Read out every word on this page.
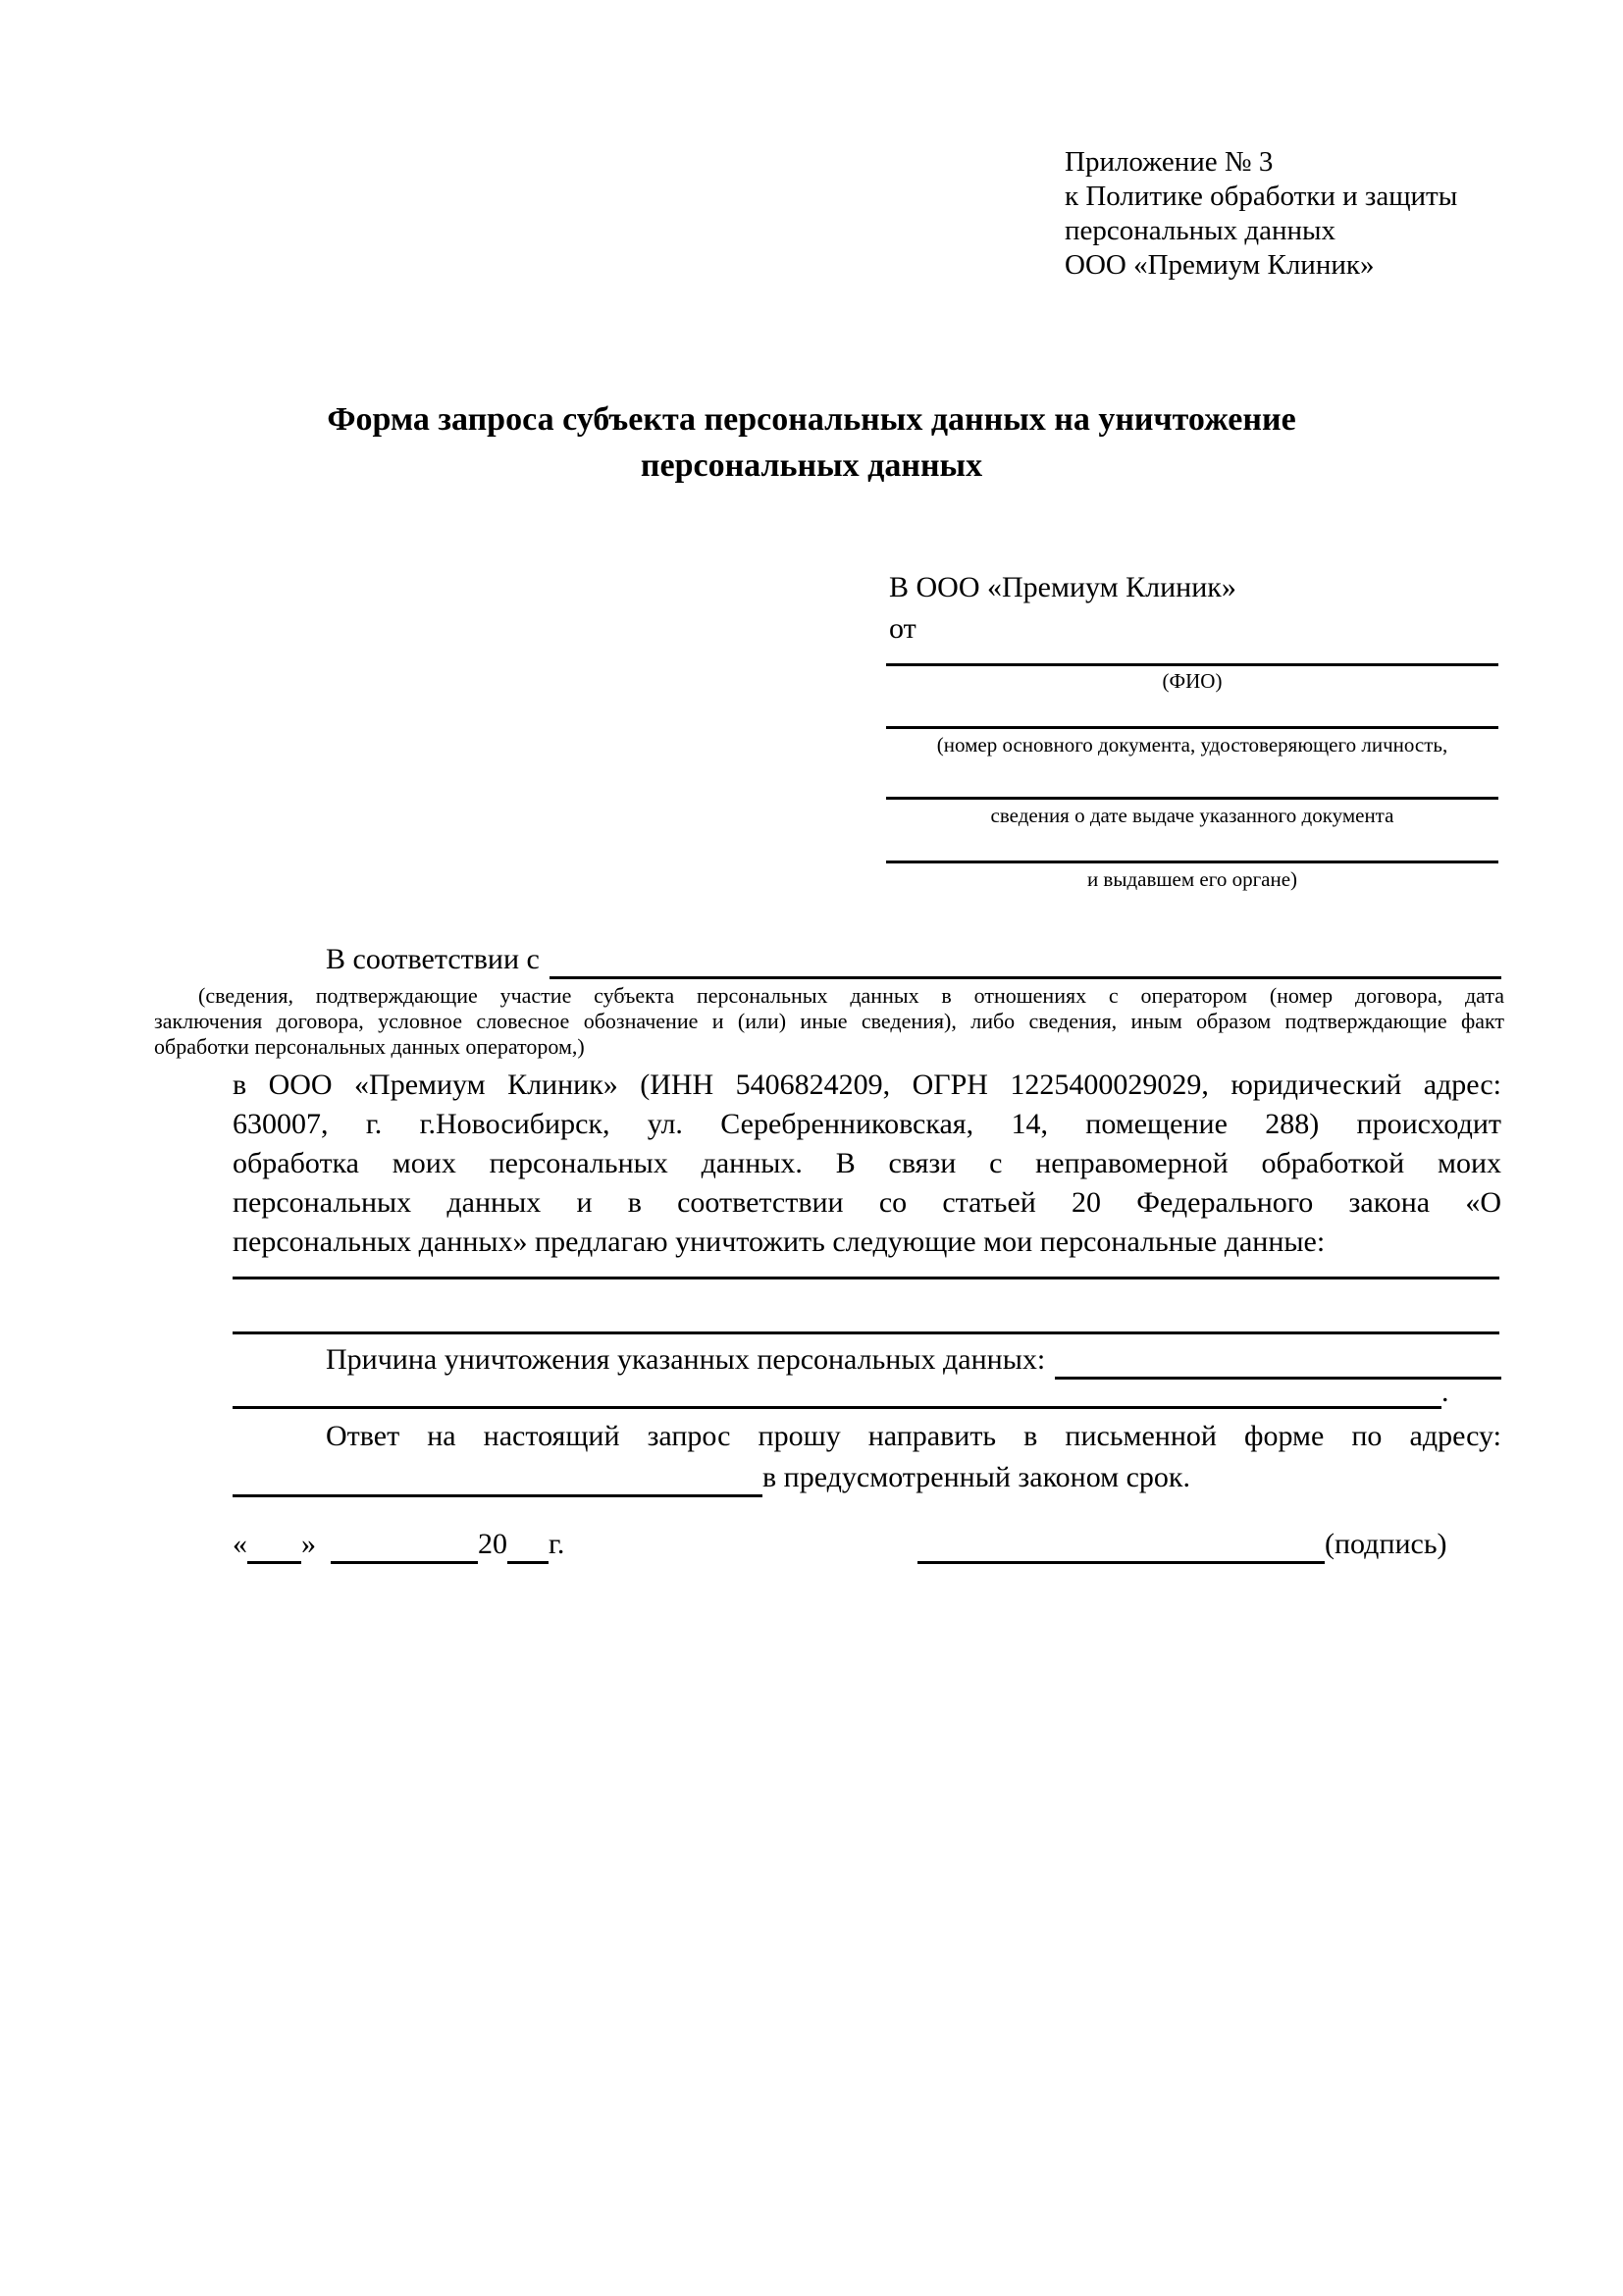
Приложение № 3
к Политике обработки и защиты
персональных данных
ООО «Премиум Клиник»
Форма запроса субъекта персональных данных на уничтожение
персональных данных
В ООО «Премиум Клиник»
от
(ФИО)
(номер основного документа, удостоверяющего личность,
сведения о дате выдаче указанного документа
и выдавшем его органе)
В соответствии с
(сведения, подтверждающие участие субъекта персональных данных в отношениях с оператором (номер договора, дата
заключения договора, условное словесное обозначение и (или) иные сведения), либо сведения, иным образом подтверждающие факт
обработки персональных данных оператором,)
в ООО «Премиум Клиник» (ИНН 5406824209, ОГРН 1225400029029, юридический адрес:
630007, г. г.Новосибирск, ул. Серебренниковская, 14, помещение 288) происходит
обработка моих персональных данных. В связи с неправомерной обработкой моих
персональных данных и в соответствии со статьей 20 Федерального закона «О
персональных данных» предлагаю уничтожить следующие мои персональные данные:
Причина уничтожения указанных персональных данных:
.
Ответ на настоящий запрос прошу направить в письменной форме по адресу:
в предусмотренный законом срок.
« »	20 г.	(подпись)
